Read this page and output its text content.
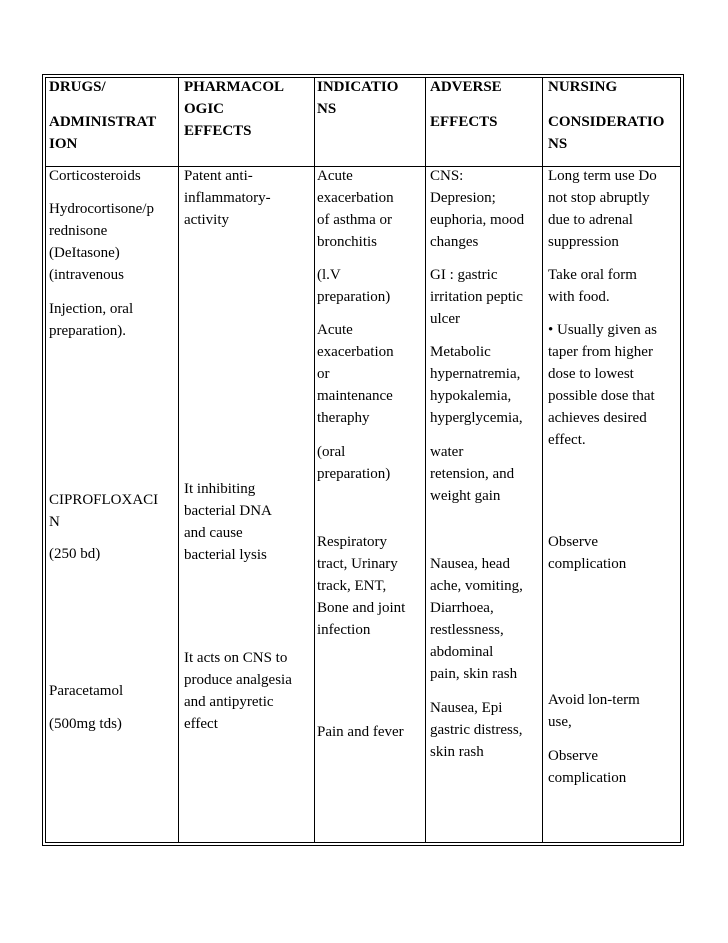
DRUGS/
ADMINISTRAT
ION
PHARMACOL
OGIC
EFFECTS
INDICATIO
NS
ADVERSE
EFFECTS
NURSING
CONSIDERATIO
NS
Corticosteroids
Hydrocortisone/p
rednisone
(DeItasone)
(intravenous
Injection, oral
preparation).
CIPROFLOXACI
N
(250 bd)
Paracetamol
(500mg tds)
Patent anti-
inflammatory-
activity
It inhibiting
bacterial DNA
and cause
bacterial lysis
It acts on CNS to
produce analgesia
and antipyretic
effect
Acute
exacerbation
of asthma or
bronchitis
(l.V
preparation)
Acute
exacerbation
or
maintenance
theraphy
(oral
preparation)
Respiratory
tract, Urinary
track, ENT,
Bone and joint
infection
Pain and fever
CNS:
Depresion;
euphoria, mood
changes
GI : gastric
irritation peptic
ulcer
Metabolic
hypernatremia,
hypokalemia,
hyperglycemia,
water
retension, and
weight gain
Nausea, head
ache, vomiting,
Diarrhoea,
restlessness,
abdominal
pain, skin rash
Nausea, Epi
gastric distress,
skin rash
Long term use Do
not stop abruptly
due to adrenal
suppression
Take oral form
with food.
• Usually given as
taper from higher
dose to lowest
possible dose that
achieves desired
effect.
Observe
complication
Avoid lon-term
use,
Observe
complication
